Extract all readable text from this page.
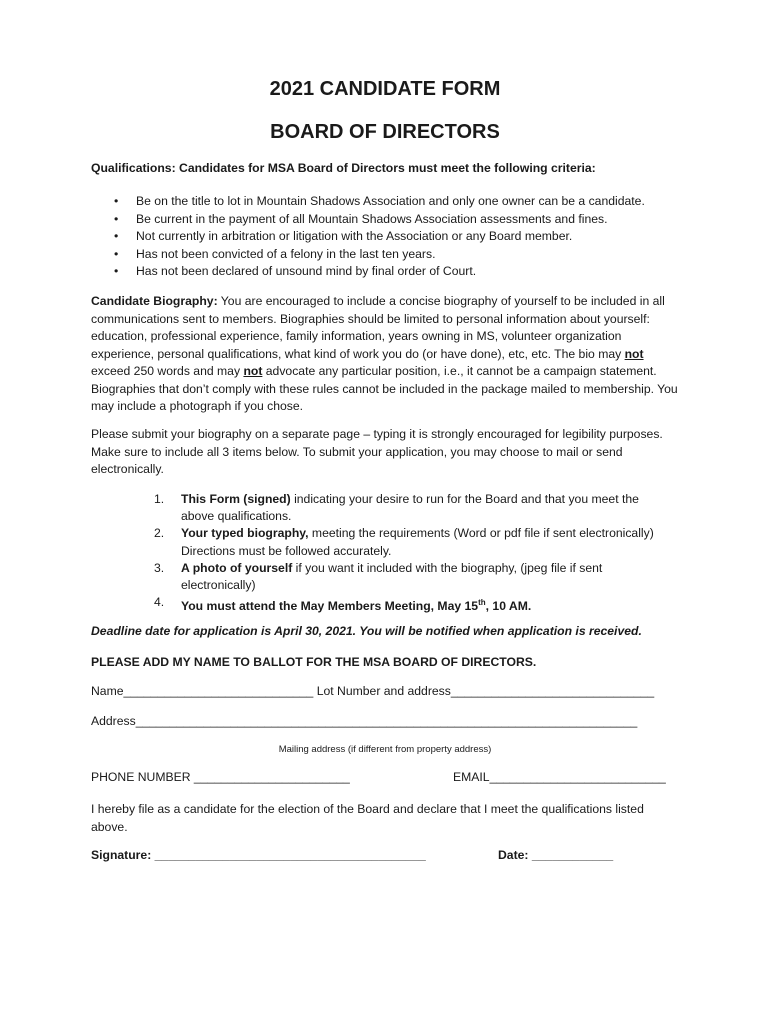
2021 CANDIDATE FORM
BOARD OF DIRECTORS

Qualifications: Candidates for MSA Board of Directors must meet the following criteria:

• Be on the title to lot in Mountain Shadows Association and only one owner can be a candidate.
• Be current in the payment of all Mountain Shadows Association assessments and fines.
• Not currently in arbitration or litigation with the Association or any Board member.
• Has not been convicted of a felony in the last ten years.
• Has not been declared of unsound mind by final order of Court.

Candidate Biography: You are encouraged to include a concise biography of yourself to be included in all communications sent to members. Biographies should be limited to personal information about yourself: education, professional experience, family information, years owning in MS, volunteer organization experience, personal qualifications, what kind of work you do (or have done), etc, etc. The bio may not exceed 250 words and may not advocate any particular position, i.e., it cannot be a campaign statement. Biographies that don’t comply with these rules cannot be included in the package mailed to membership. You may include a photograph if you chose.

Please submit your biography on a separate page – typing it is strongly encouraged for legibility purposes. Make sure to include all 3 items below. To submit your application, you may choose to mail or send electronically.

1. This Form (signed) indicating your desire to run for the Board and that you meet the above qualifications.
2. Your typed biography, meeting the requirements (Word or pdf file if sent electronically) Directions must be followed accurately.
3. A photo of yourself if you want it included with the biography, (jpeg file if sent electronically)
4. You must attend the May Members Meeting, May 15th, 10 AM.

Deadline date for application is April 30, 2021. You will be notified when application is received.

PLEASE ADD MY NAME TO BALLOT FOR THE MSA BOARD OF DIRECTORS.

Name____________________________ Lot Number and address______________________________

Address__________________________________________________________________________

Mailing address (if different from property address)

PHONE NUMBER _______________________	EMAIL__________________________

I hereby file as a candidate for the election of the Board and declare that I meet the qualifications listed above.

Signature: ________________________________________	Date: ____________
